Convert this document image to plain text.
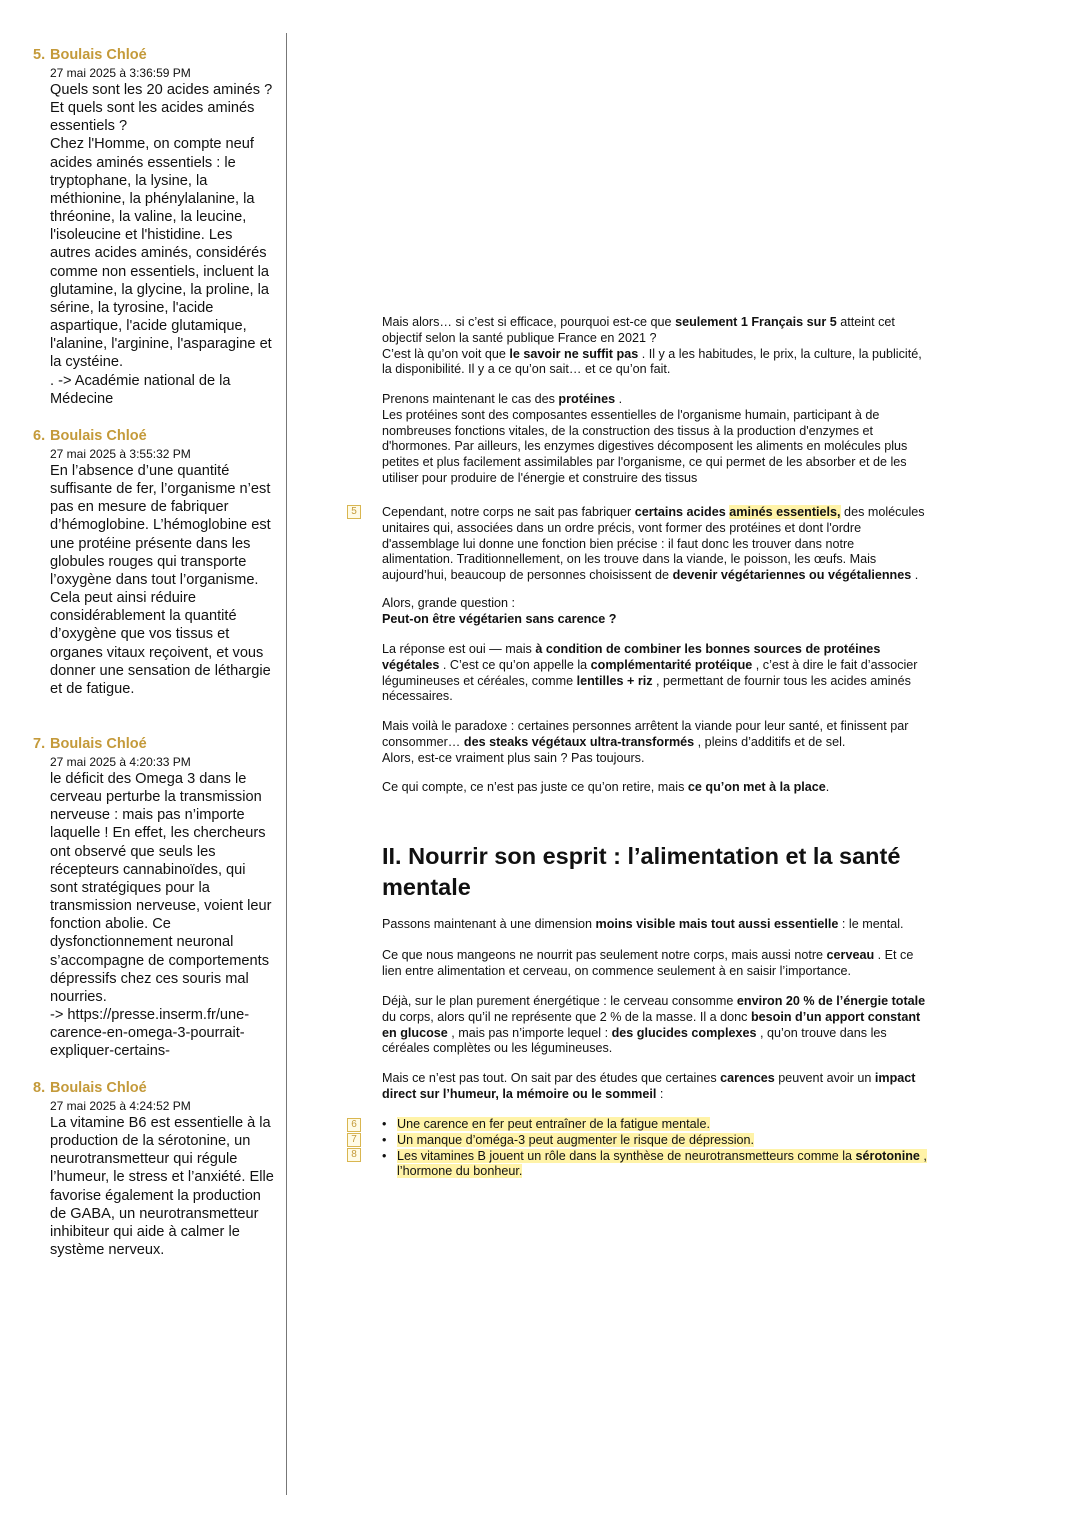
5. Boulais Chloé
27 mai 2025 à 3:36:59 PM
Quels sont les 20 acides aminés ?
Et quels sont les acides aminés
essentiels ?
Chez l'Homme, on compte neuf
acides aminés essentiels : le
tryptophane, la lysine, la
méthionine, la phénylalanine, la
thréonine, la valine, la leucine,
l'isoleucine et l'histidine. Les
autres acides aminés, considérés
comme non essentiels, incluent la
glutamine, la glycine, la proline, la
sérine, la tyrosine, l'acide
aspartique, l'acide glutamique,
l'alanine, l'arginine, l'asparagine et
la cystéine.
. -> Académie national de la
Médecine
6. Boulais Chloé
27 mai 2025 à 3:55:32 PM
En l’absence d’une quantité
suffisante de fer, l’organisme n’est
pas en mesure de fabriquer
d’hémoglobine. L’hémoglobine est
une protéine présente dans les
globules rouges qui transporte
l’oxygène dans tout l’organisme.
Cela peut ainsi réduire
considérablement la quantité
d’oxygène que vos tissus et
organes vitaux reçoivent, et vous
donner une sensation de léthargie
et de fatigue.
7. Boulais Chloé
27 mai 2025 à 4:20:33 PM
le déficit des Omega 3 dans le
cerveau perturbe la transmission
nerveuse : mais pas n’importe
laquelle ! En effet, les chercheurs
ont observé que seuls les
récepteurs cannabinoïdes, qui
sont stratégiques pour la
transmission nerveuse, voient leur
fonction abolie. Ce
dysfonctionnement neuronal
s’accompagne de comportements
dépressifs chez ces souris mal
nourries.
-> https://presse.inserm.fr/une-
carence-en-omega-3-pourrait-
expliquer-certains-
8. Boulais Chloé
27 mai 2025 à 4:24:52 PM
La vitamine B6 est essentielle à la
production de la sérotonine, un
neurotransmetteur qui régule
l’humeur, le stress et l’anxiété. Elle
favorise également la production
de GABA, un neurotransmetteur
inhibiteur qui aide à calmer le
système nerveux.
5
6
7
8
Mais alors… si c’est si efficace, pourquoi est-ce que seulement 1 Français sur 5 atteint cet
objectif selon la santé publique France en 2021 ?
C’est là qu’on voit que le savoir ne suffit pas . Il y a les habitudes, le prix, la culture, la publicité,
la disponibilité. Il y a ce qu’on sait… et ce qu’on fait.
Prenons maintenant le cas des protéines .
Les protéines sont des composantes essentielles de l'organisme humain, participant à de
nombreuses fonctions vitales, de la construction des tissus à la production d'enzymes et
d'hormones. Par ailleurs, les enzymes digestives décomposent les aliments en molécules plus
petites et plus facilement assimilables par l'organisme, ce qui permet de les absorber et de les
utiliser pour produire de l'énergie et construire des tissus
Cependant, notre corps ne sait pas fabriquer certains acides aminés essentiels, des molécules
unitaires qui, associées dans un ordre précis, vont former des protéines et dont l'ordre
d'assemblage lui donne une fonction bien précise : il faut donc les trouver dans notre
alimentation. Traditionnellement, on les trouve dans la viande, le poisson, les œufs. Mais
aujourd’hui, beaucoup de personnes choisissent de devenir végétariennes ou végétaliennes .
Alors, grande question :
Peut-on être végétarien sans carence ?
La réponse est oui — mais à condition de combiner les bonnes sources de protéines
végétales . C’est ce qu’on appelle la complémentarité protéique , c’est à dire le fait d’associer
légumineuses et céréales, comme lentilles + riz , permettant de fournir tous les acides aminés
nécessaires.
Mais voilà le paradoxe : certaines personnes arrêtent la viande pour leur santé, et finissent par
consommer… des steaks végétaux ultra-transformés , pleins d’additifs et de sel.
Alors, est-ce vraiment plus sain ? Pas toujours.
Ce qui compte, ce n’est pas juste ce qu’on retire, mais ce qu’on met à la place.
II. Nourrir son esprit : l’alimentation et la santé
mentale
Passons maintenant à une dimension moins visible mais tout aussi essentielle : le mental.
Ce que nous mangeons ne nourrit pas seulement notre corps, mais aussi notre cerveau . Et ce
lien entre alimentation et cerveau, on commence seulement à en saisir l’importance.
Déjà, sur le plan purement énergétique : le cerveau consomme environ 20 % de l’énergie totale
du corps, alors qu’il ne représente que 2 % de la masse. Il a donc besoin d’un apport constant
en glucose , mais pas n’importe lequel : des glucides complexes , qu’on trouve dans les
céréales complètes ou les légumineuses.
Mais ce n’est pas tout. On sait par des études que certaines carences peuvent avoir un impact
direct sur l’humeur, la mémoire ou le sommeil :
• Une carence en fer peut entraîner de la fatigue mentale.
• Un manque d’oméga-3 peut augmenter le risque de dépression.
• Les vitamines B jouent un rôle dans la synthèse de neurotransmetteurs comme la sérotonine ,
l’hormone du bonheur.
